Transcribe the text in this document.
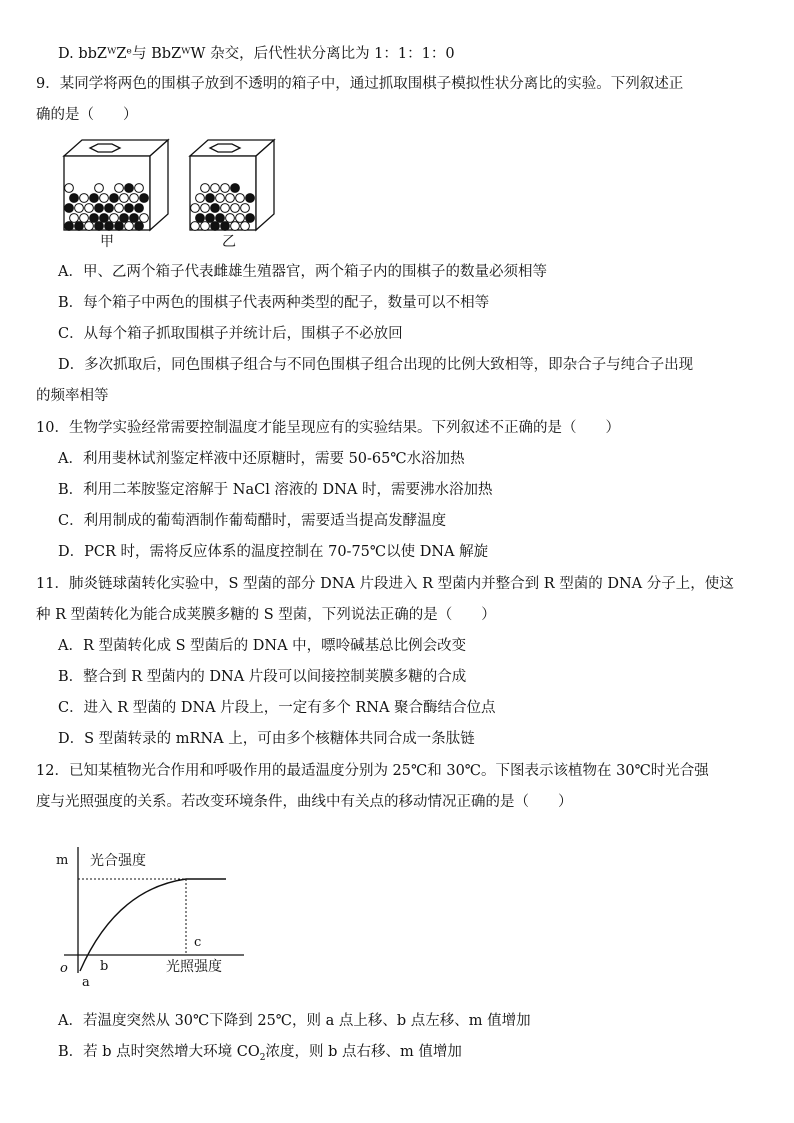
D. bbZᵂZᵉ与 BbZᵂW 杂交，后代性状分离比为 1：1：1：0
9．某同学将两色的围棋子放到不透明的箱子中，通过抓取围棋子模拟性状分离比的实验。下列叙述正
确的是（　　）
甲	乙
A．甲、乙两个箱子代表雌雄生殖器官，两个箱子内的围棋子的数量必须相等
B．每个箱子中两色的围棋子代表两种类型的配子，数量可以不相等
C．从每个箱子抓取围棋子并统计后，围棋子不必放回
D．多次抓取后，同色围棋子组合与不同色围棋子组合出现的比例大致相等，即杂合子与纯合子出现
的频率相等
10．生物学实验经常需要控制温度才能呈现应有的实验结果。下列叙述不正确的是（　　）
A．利用斐林试剂鉴定样液中还原糖时，需要 50-65℃水浴加热
B．利用二苯胺鉴定溶解于 NaCl 溶液的 DNA 时，需要沸水浴加热
C．利用制成的葡萄酒制作葡萄醋时，需要适当提高发酵温度
D．PCR 时，需将反应体系的温度控制在 70-75℃以使 DNA 解旋
11．肺炎链球菌转化实验中，S 型菌的部分 DNA 片段进入 R 型菌内并整合到 R 型菌的 DNA 分子上，使这
种 R 型菌转化为能合成荚膜多糖的 S 型菌，下列说法正确的是（　　）
A．R 型菌转化成 S 型菌后的 DNA 中，嘌呤碱基总比例会改变
B．整合到 R 型菌内的 DNA 片段可以间接控制荚膜多糖的合成
C．进入 R 型菌的 DNA 片段上，一定有多个 RNA 聚合酶结合位点
D．S 型菌转录的 mRNA 上，可由多个核糖体共同合成一条肽链
12．已知某植物光合作用和呼吸作用的最适温度分别为 25℃和 30℃。下图表示该植物在 30℃时光合强
度与光照强度的关系。若改变环境条件，曲线中有关点的移动情况正确的是（　　）
m 光合强度
c
o b
a
光照强度
A．若温度突然从 30℃下降到 25℃，则 a 点上移、b 点左移、m 值增加
B．若 b 点时突然增大环境 $CO_2$浓度，则 b 点右移、m 值增加
